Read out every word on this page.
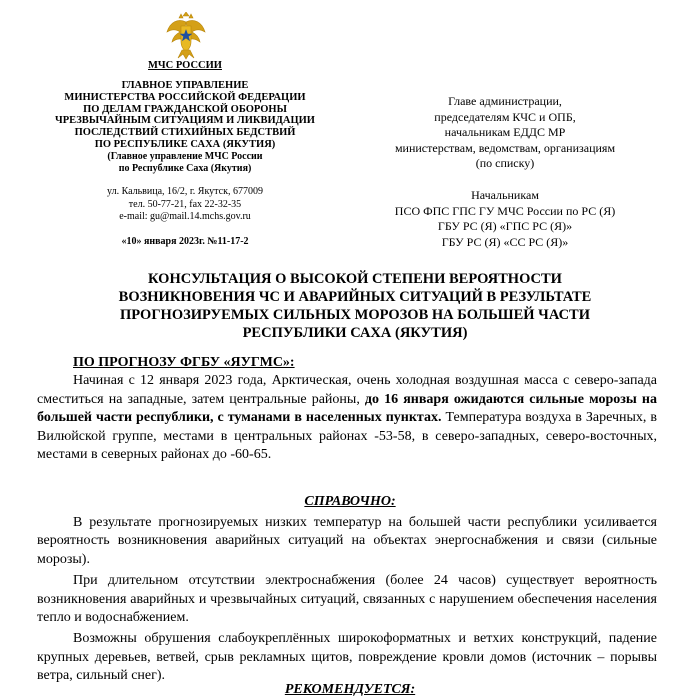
МЧС РОССИИ
ГЛАВНОЕ УПРАВЛЕНИЕ
МИНИСТЕРСТВА РОССИЙСКОЙ ФЕДЕРАЦИИ
ПО ДЕЛАМ ГРАЖДАНСКОЙ ОБОРОНЫ
ЧРЕЗВЫЧАЙНЫМ СИТУАЦИЯМ И ЛИКВИДАЦИИ
ПОСЛЕДСТВИЙ СТИХИЙНЫХ БЕДСТВИЙ
ПО РЕСПУБЛИКЕ САХА (ЯКУТИЯ)
(Главное управление МЧС России
по Республике Саха (Якутия)
ул. Кальвица, 16/2, г. Якутск, 677009
тел. 50-77-21, fax 22-32-35
e-mail: gu@mail.14.mchs.gov.ru
«10» января 2023г. №11-17-2
Главе администрации,
председателям КЧС и ОПБ,
начальникам ЕДДС МР
министерствам, ведомствам, организациям
(по списку)
Начальникам
ПСО ФПС ГПС ГУ МЧС России по РС (Я)
ГБУ РС (Я) «ГПС РС (Я)»
ГБУ РС (Я) «СС РС (Я)»
КОНСУЛЬТАЦИЯ О ВЫСОКОЙ СТЕПЕНИ ВЕРОЯТНОСТИ
ВОЗНИКНОВЕНИЯ ЧС И АВАРИЙНЫХ СИТУАЦИЙ В РЕЗУЛЬТАТЕ
ПРОГНОЗИРУЕМЫХ СИЛЬНЫХ МОРОЗОВ НА БОЛЬШЕЙ ЧАСТИ
РЕСПУБЛИКИ САХА (ЯКУТИЯ)
ПО ПРОГНОЗУ ФГБУ «ЯУГМС»:

Начиная с 12 января 2023 года, Арктическая, очень холодная воздушная масса с северо-запада сместиться на западные, затем центральные районы, до 16 января ожидаются сильные морозы на большей части республики, с туманами в населенных пунктах. Температура воздуха в Заречных, в Вилюйской группе, местами в центральных районах -53-58, в северо-западных, северо-восточных, местами в северных районах до -60-65.

СПРАВОЧНО:

В результате прогнозируемых низких температур на большей части республики усиливается вероятность возникновения аварийных ситуаций на объектах энергоснабжения и связи (сильные морозы).

При длительном отсутствии электроснабжения (более 24 часов) существует вероятность возникновения аварийных и чрезвычайных ситуаций, связанных с нарушением обеспечения населения тепло и водоснабжением.

Возможны обрушения слабоукреплённых широкоформатных и ветхих конструкций, падение крупных деревьев, ветвей, срыв рекламных щитов, повреждение кровли домов (источник – порывы ветра, сильный снег).

РЕКОМЕНДУЕТСЯ:
